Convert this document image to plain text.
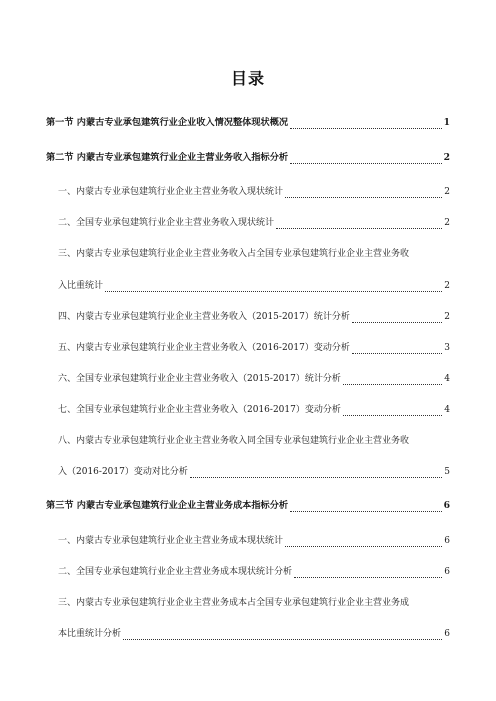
目录
第一节 内蒙古专业承包建筑行业企业收入情况整体现状概况	1
第二节 内蒙古专业承包建筑行业企业主营业务收入指标分析	2
一、内蒙古专业承包建筑行业企业主营业务收入现状统计	2
二、全国专业承包建筑行业企业主营业务收入现状统计	2
三、内蒙古专业承包建筑行业企业主营业务收入占全国专业承包建筑行业企业主营业务收
入比重统计	2
四、内蒙古专业承包建筑行业企业主营业务收入（2015-2017）统计分析	2
五、内蒙古专业承包建筑行业企业主营业务收入（2016-2017）变动分析	3
六、全国专业承包建筑行业企业主营业务收入（2015-2017）统计分析	4
七、全国专业承包建筑行业企业主营业务收入（2016-2017）变动分析	4
八、内蒙古专业承包建筑行业企业主营业务收入同全国专业承包建筑行业企业主营业务收
入（2016-2017）变动对比分析	5
第三节 内蒙古专业承包建筑行业企业主营业务成本指标分析	6
一、内蒙古专业承包建筑行业企业主营业务成本现状统计	6
二、全国专业承包建筑行业企业主营业务成本现状统计分析	6
三、内蒙古专业承包建筑行业企业主营业务成本占全国专业承包建筑行业企业主营业务成
本比重统计分析	6
